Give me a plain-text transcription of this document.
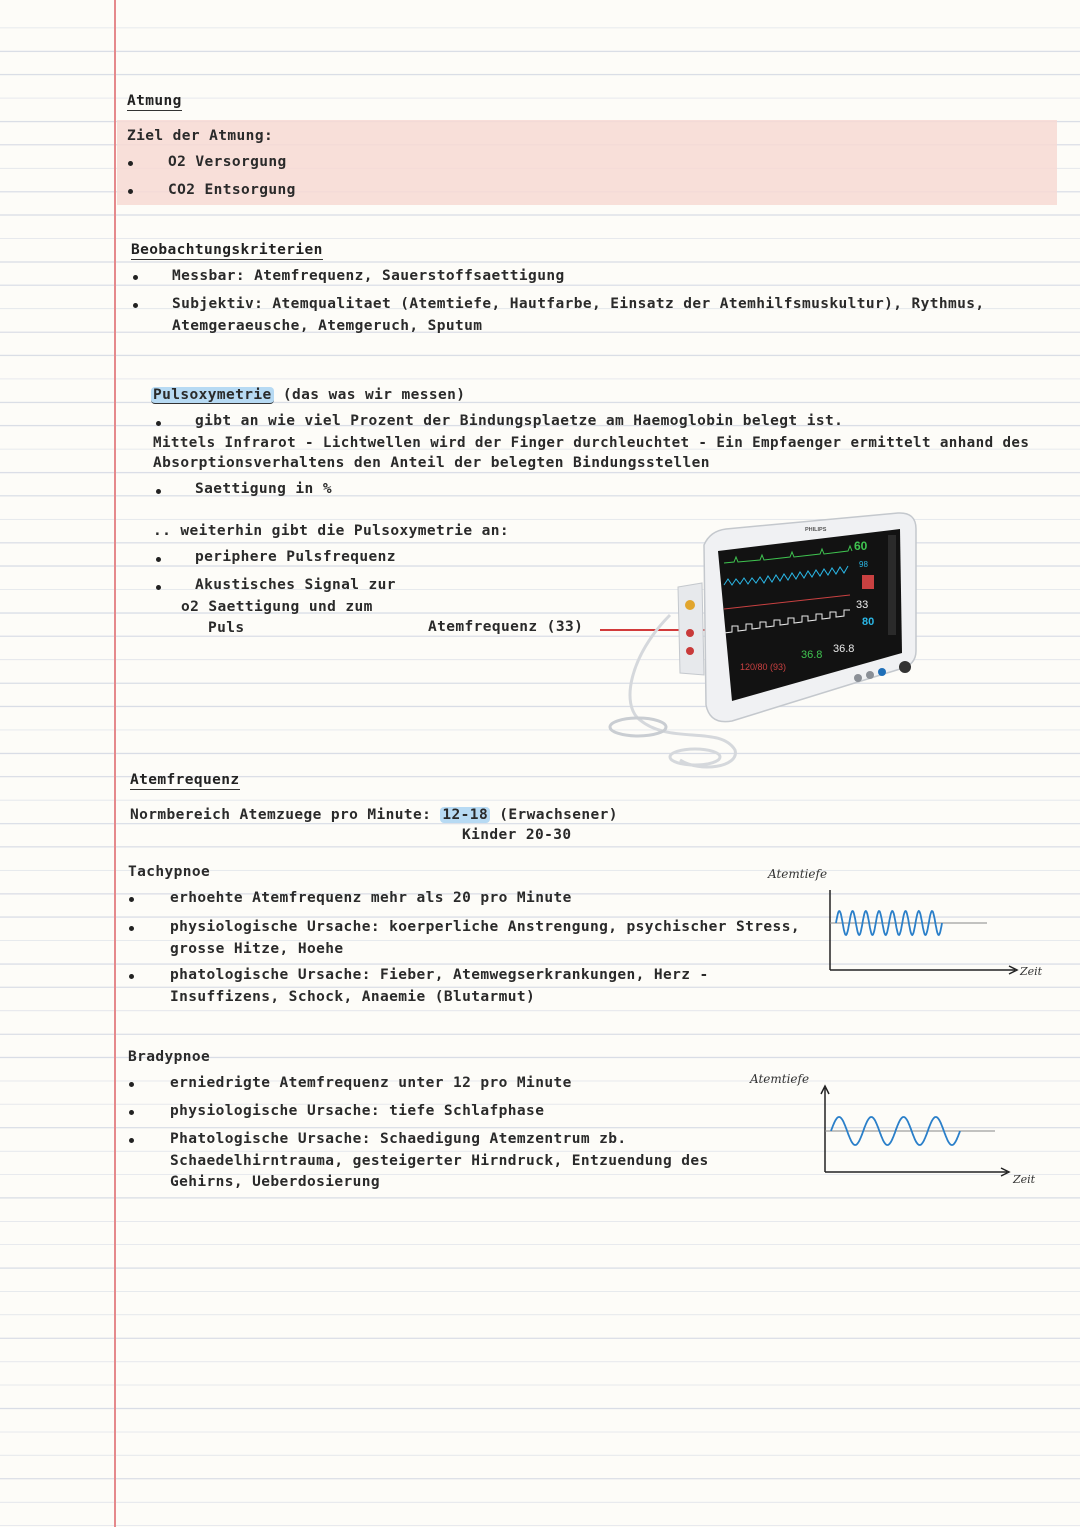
Atmung
Ziel der Atmung:
O2 Versorgung
CO2 Entsorgung
Beobachtungskriterien
Messbar: Atemfrequenz, Sauerstoffsaettigung
Subjektiv: Atemqualitaet (Atemtiefe, Hautfarbe, Einsatz der Atemhilfsmuskultur), Rythmus,
Atemgeraeusche, Atemgeruch, Sputum
Pulsoxymetrie (das was wir messen)
gibt an wie viel Prozent der Bindungsplaetze am Haemoglobin belegt ist.
Mittels Infrarot - Lichtwellen wird der Finger durchleuchtet - Ein Empfaenger ermittelt anhand des
Absorptionsverhaltens den Anteil der belegten Bindungsstellen
Saettigung in %
.. weiterhin gibt die Pulsoxymetrie an:
periphere Pulsfrequenz
Akustisches Signal zur
o2 Saettigung und zum
Puls	Atemfrequenz (33)
PHILIPS
60
98
33
80
120/80 (93)
36.8 36.8
Atemfrequenz
Normbereich Atemzuege pro Minute: 12-18 (Erwachsener)
Kinder 20-30
Tachypnoe
erhoehte Atemfrequenz mehr als 20 pro Minute
physiologische Ursache: koerperliche Anstrengung, psychischer Stress,
grosse Hitze, Hoehe
phatologische Ursache: Fieber, Atemwegserkrankungen, Herz -
Insuffizens, Schock, Anaemie (Blutarmut)
Atemtiefe
Zeit
Bradypnoe
erniedrigte Atemfrequenz unter 12 pro Minute
physiologische Ursache: tiefe Schlafphase
Phatologische Ursache: Schaedigung Atemzentrum zb.
Schaedelhirntrauma, gesteigerter Hirndruck, Entzuendung des
Gehirns, Ueberdosierung
Atemtiefe
Zeit
